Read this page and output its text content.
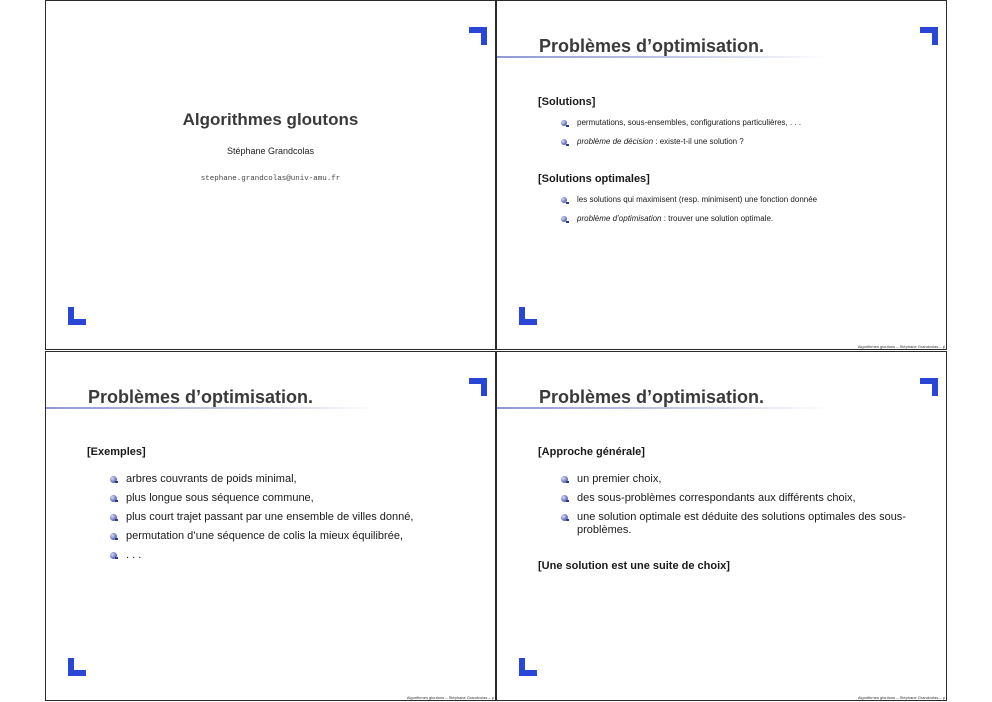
Algorithmes gloutons
Stéphane Grandcolas
stephane.grandcolas@univ-amu.fr
Problèmes d’optimisation.

[Solutions]

permutations, sous-ensembles, configurations particulières, . . .
problème de décision : existe-t-il une solution ?

[Solutions optimales]

les solutions qui maximisent (resp. minimisent) une fonction donnée
problème d’optimisation : trouver une solution optimale.
Algorithmes gloutons – Stéphane Grandcolas – p
Problèmes d’optimisation.

[Exemples]

arbres couvrants de poids minimal,
plus longue sous séquence commune,
plus court trajet passant par une ensemble de villes donné,
permutation d’une séquence de colis la mieux équilibrée,
. . .
Algorithmes gloutons – Stéphane Grandcolas – p
Problèmes d’optimisation.

[Approche générale]

un premier choix,
des sous-problèmes correspondants aux différents choix,
une solution optimale est déduite des solutions optimales des sous-problèmes.

[Une solution est une suite de choix]

Algorithmes gloutons – Stéphane Grandcolas – p
